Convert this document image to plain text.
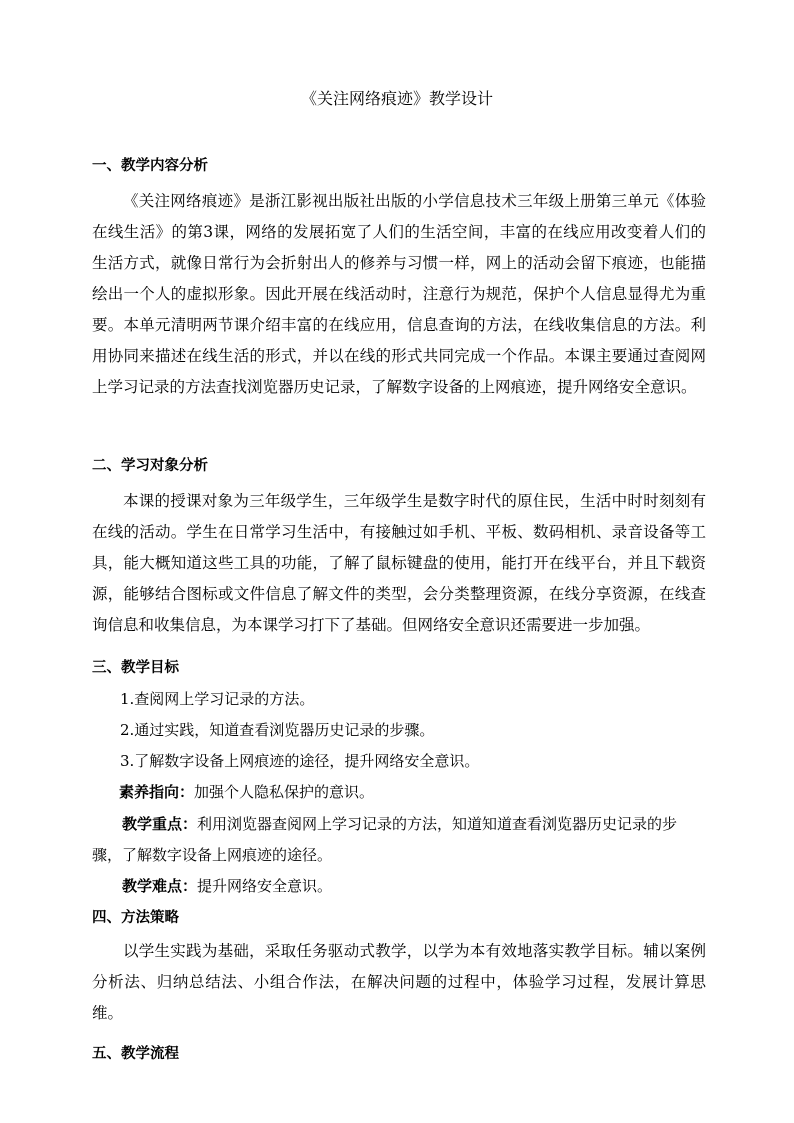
《关注网络痕迹》教学设计
一、教学内容分析

《关注网络痕迹》是浙江影视出版社出版的小学信息技术三年级上册第三单元《体验在线生活》的第3课，网络的发展拓宽了人们的生活空间，丰富的在线应用改变着人们的生活方式，就像日常行为会折射出人的修养与习惯一样，网上的活动会留下痕迹，也能描绘出一个人的虚拟形象。因此开展在线活动时，注意行为规范，保护个人信息显得尤为重要。本单元清明两节课介绍丰富的在线应用，信息查询的方法，在线收集信息的方法。利用协同来描述在线生活的形式，并以在线的形式共同完成一个作品。本课主要通过查阅网上学习记录的方法查找浏览器历史记录，了解数字设备的上网痕迹，提升网络安全意识。

二、学习对象分析

本课的授课对象为三年级学生，三年级学生是数字时代的原住民，生活中时时刻刻有在线的活动。学生在日常学习生活中，有接触过如手机、平板、数码相机、录音设备等工具，能大概知道这些工具的功能，了解了鼠标键盘的使用，能打开在线平台，并且下载资源，能够结合图标或文件信息了解文件的类型，会分类整理资源，在线分享资源，在线查询信息和收集信息，为本课学习打下了基础。但网络安全意识还需要进一步加强。

三、教学目标
1.查阅网上学习记录的方法。
2.通过实践，知道查看浏览器历史记录的步骤。
3.了解数字设备上网痕迹的途径，提升网络安全意识。

素养指向：加强个人隐私保护的意识。

教学重点：利用浏览器查阅网上学习记录的方法，知道知道查看浏览器历史记录的步骤，了解数字设备上网痕迹的途径。

教学难点：提升网络安全意识。

四、方法策略

以学生实践为基础，采取任务驱动式教学，以学为本有效地落实教学目标。辅以案例分析法、归纳总结法、小组合作法，在解决问题的过程中，体验学习过程，发展计算思维。

五、教学流程
